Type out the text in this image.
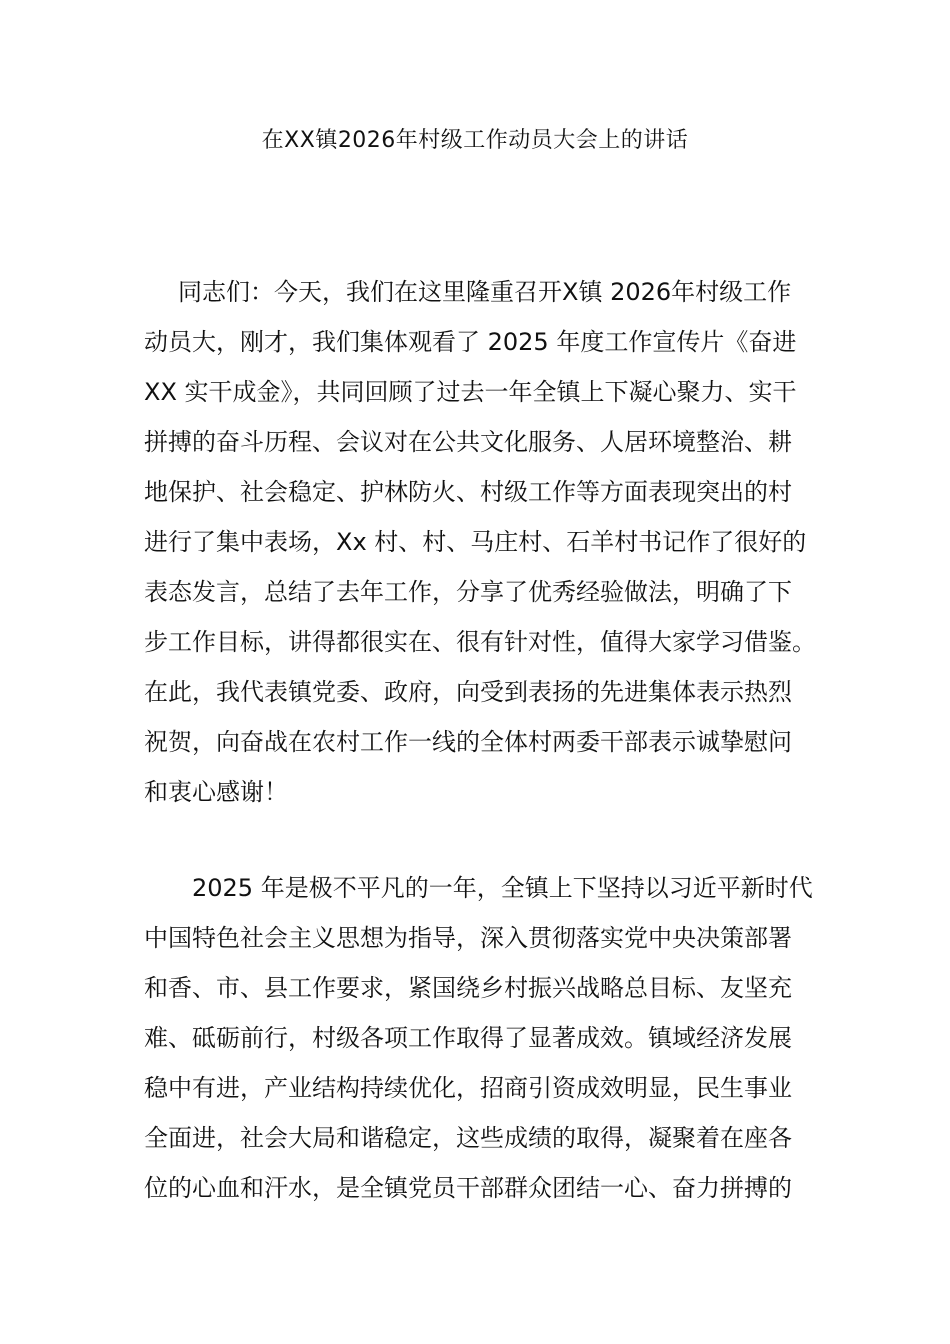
在XX镇2026年村级工作动员大会上的讲话
同志们：今天，我们在这里隆重召开X镇 2026年村级工作
动员大，刚才，我们集体观看了 2025 年度工作宣传片《奋进
XX 实干成金》，共同回顾了过去一年全镇上下凝心聚力、实干
拼搏的奋斗历程、会议对在公共文化服务、人居环境整治、耕
地保护、社会稳定、护林防火、村级工作等方面表现突出的村
进行了集中表场，Xx 村、村、马庄村、石羊村书记作了很好的
表态发言，总结了去年工作，分享了优秀经验做法，明确了下
步工作目标，讲得都很实在、很有针对性，值得大家学习借鉴。
在此，我代表镇党委、政府，向受到表扬的先进集体表示热烈
祝贺，向奋战在农村工作一线的全体村两委干部表示诚挚慰问
和衷心感谢！
2025 年是极不平凡的一年，全镇上下坚持以习近平新时代
中国特色社会主义思想为指导，深入贯彻落实党中央决策部署
和香、市、县工作要求，紧国绕乡村振兴战略总目标、友坚充
难、砥砺前行，村级各项工作取得了显著成效。镇域经济发展
稳中有进，产业结构持续优化，招商引资成效明显，民生事业
全面进，社会大局和谐稳定，这些成绩的取得，凝聚着在座各
位的心血和汗水，是全镇党员干部群众团结一心、奋力拼搏的
